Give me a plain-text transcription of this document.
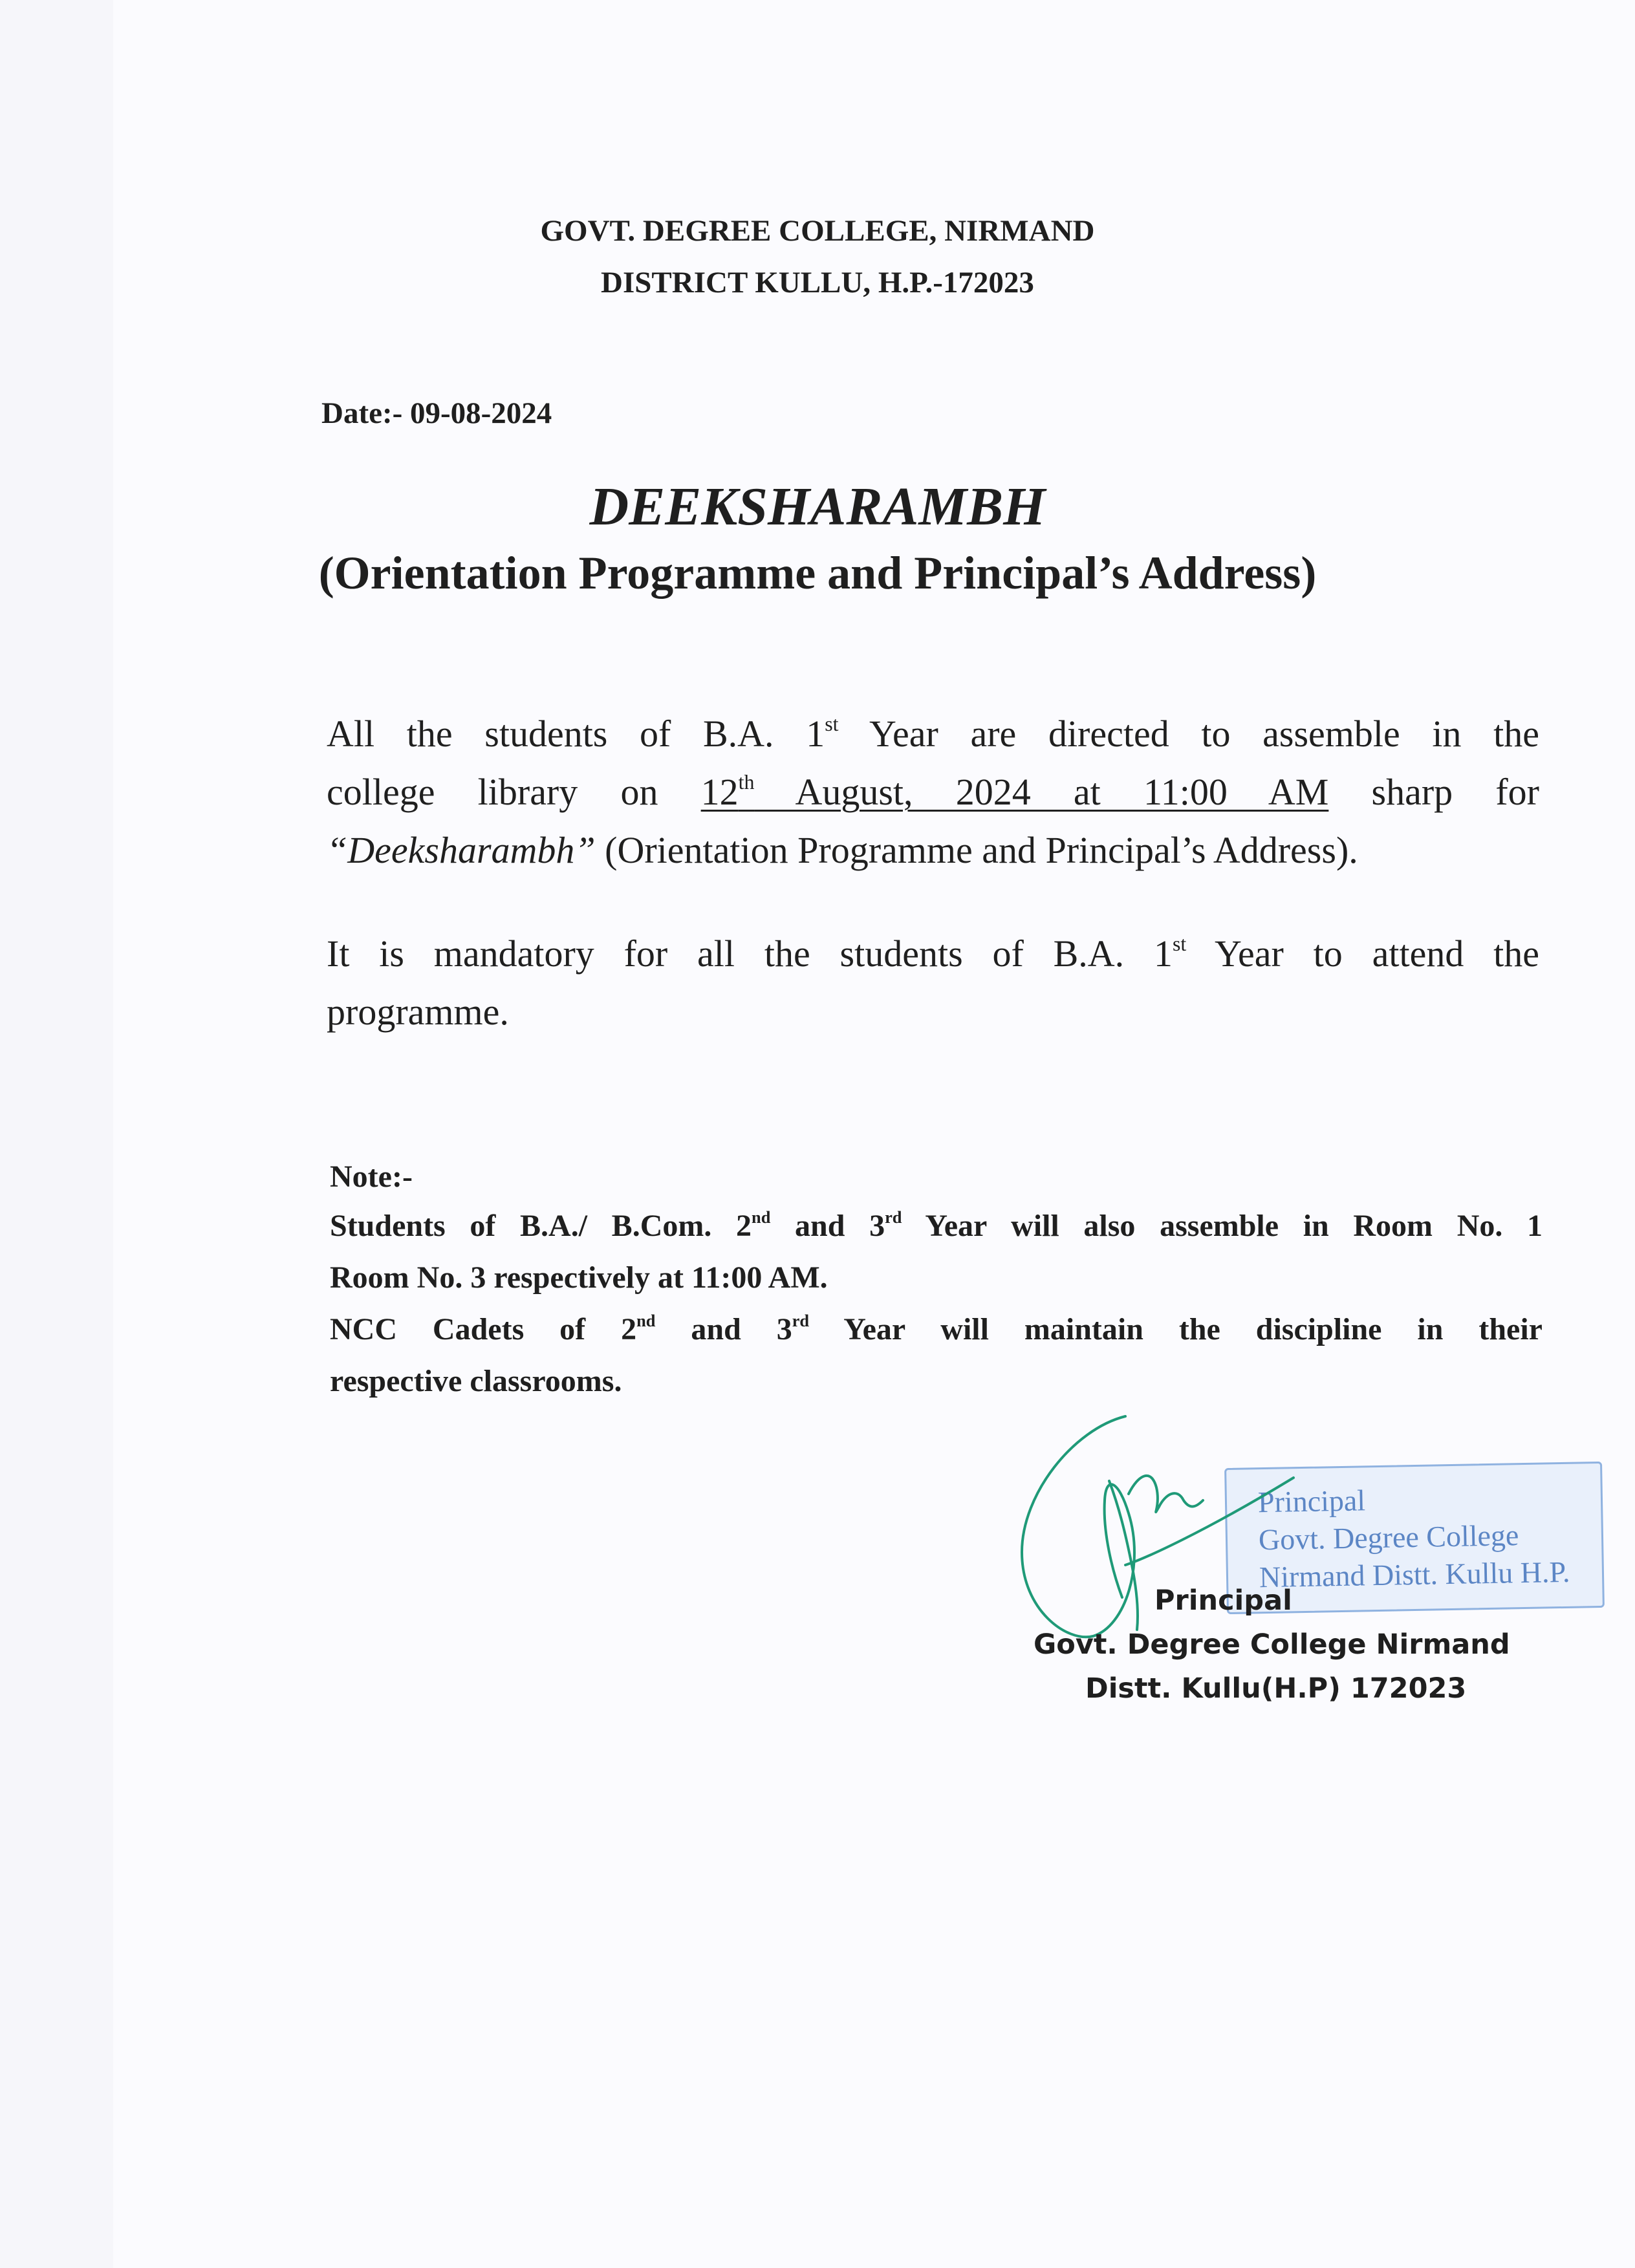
GOVT. DEGREE COLLEGE, NIRMAND
DISTRICT KULLU, H.P.-172023
Date:- 09-08-2024
DEEKSHARAMBH
(Orientation Programme and Principal’s Address)
All the students of B.A. 1st Year are directed to assemble in the
college library on 12th August, 2024 at 11:00 AM sharp for
“Deeksharambh” (Orientation Programme and Principal’s Address).
It is mandatory for all the students of B.A. 1st Year to attend the
programme.
Note:-
Students of B.A./ B.Com. 2nd and 3rd Year will also assemble in Room No. 1
Room No. 3 respectively at 11:00 AM.
NCC Cadets of 2nd and 3rd Year will maintain the discipline in their
respective classrooms.
Principal
Govt. Degree College
Nirmand Distt. Kullu H.P.
Principal
Govt. Degree College Nirmand
Distt. Kullu(H.P) 172023
